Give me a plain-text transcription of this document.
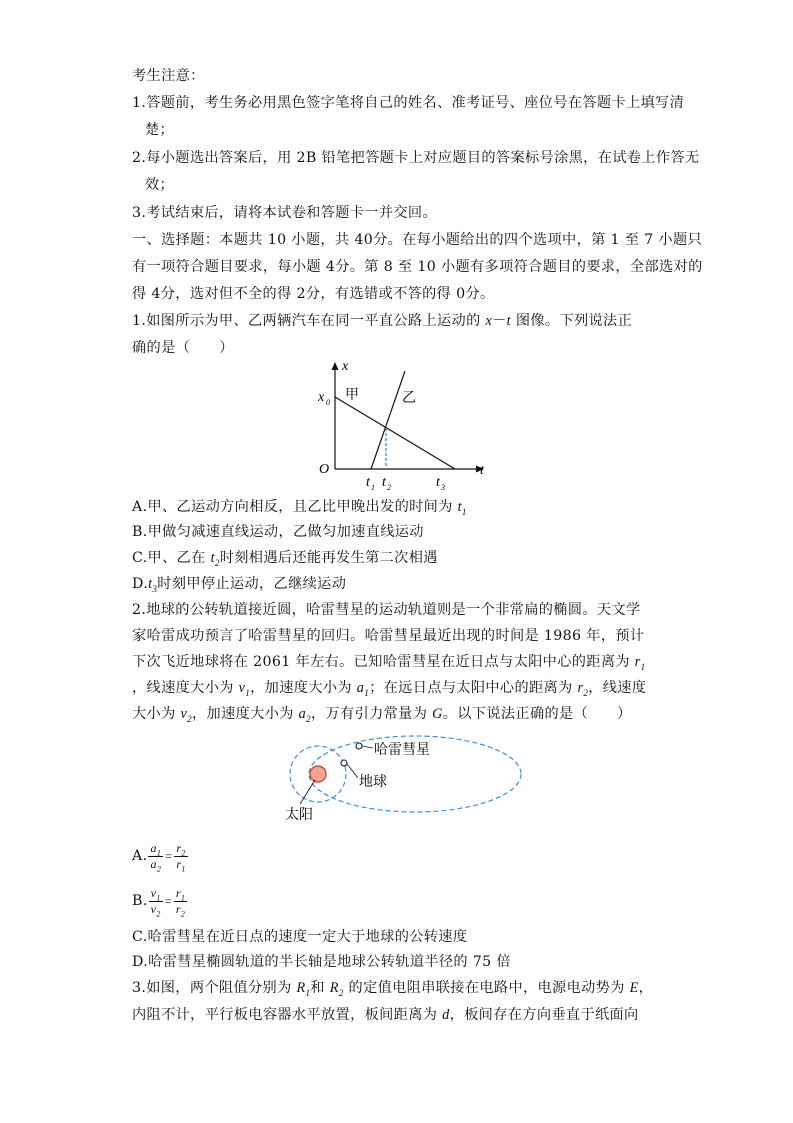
考生注意：
1.答题前，考生务必用黑色签字笔将自己的姓名、准考证号、座位号在答题卡上填写清
楚；
2.每小题选出答案后，用 2B 铅笔把答题卡上对应题目的答案标号涂黑，在试卷上作答无
效；
3.考试结束后，请将本试卷和答题卡一并交回。
一、选择题：本题共 10 小题，共 40分。在每小题给出的四个选项中，第 1 至 7 小题只
有一项符合题目要求，每小题 4分。第 8 至 10 小题有多项符合题目的要求，全部选对的
得 4分，选对但不全的得 2分，有选错或不答的得 0分。
1.如图所示为甲、乙两辆汽车在同一平直公路上运动的 x－t 图像。下列说法正
确的是（　　）
x
t
O
x 0 甲	乙
t 1 t 2	t 3
A.甲、乙运动方向相反，且乙比甲晚出发的时间为 $t_1$
B.甲做匀减速直线运动，乙做匀加速直线运动
C.甲、乙在 $t_2$时刻相遇后还能再发生第二次相遇
$D.t_3$时刻甲停止运动，乙继续运动
2.地球的公转轨道接近圆，哈雷彗星的运动轨道则是一个非常扁的椭圆。天文学
家哈雷成功预言了哈雷彗星的回归。哈雷彗星最近出现的时间是 1986 年，预计
下次飞近地球将在 2061 年左右。已知哈雷彗星在近日点与太阳中心的距离为 $r_1$
，线速度大小为 $v_1$，加速度大小为 $a_1$；在远日点与太阳中心的距离为 $r_2$，线速度
大小为 $v_2$，加速度大小为 $a_2$，万有引力常量为 G。以下说法正确的是（　　）
哈雷彗星
地球
太阳
A. $\frac{a_1}{a_2} = \frac{r_2}{r_1}$
B. $\frac{v_1}{v_2} = \frac{r_1}{r_2}$
C.哈雷彗星在近日点的速度一定大于地球的公转速度
D.哈雷彗星椭圆轨道的半长轴是地球公转轨道半径的 75 倍
3.如图，两个阻值分别为 $R_1$和 $R_2$ 的定值电阻串联接在电路中，电源电动势为 E，
内阻不计，平行板电容器水平放置，板间距离为 d，板间存在方向垂直于纸面向
